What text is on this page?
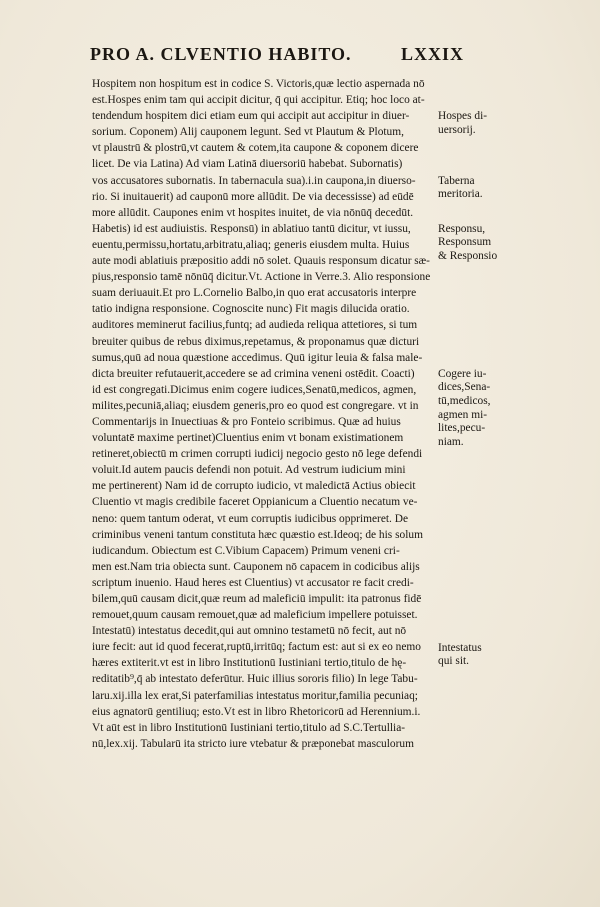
PRO A. CLVENTIO HABITO.	LXXIX
Hospitem non hospitum est in codice S. Victoris,quæ lectio aspernada nō
est.Hospes enim tam qui accipit dicitur, q̄ qui accipitur. Etiq; hoc loco at-
tendendum hospitem dici etiam eum qui accipit aut accipitur in diuer-
sorium. Coponem) Alij cauponem legunt. Sed vt Plautum & Plotum,
vt plaustrū & plostrū,vt cautem & cotem,ita caupone & coponem dicere
licet. De via Latina) Ad viam Latinā diuersoriū habebat. Subornatis)
vos accusatores subornatis. In tabernacula sua).i.in caupona,in diuerso-
rio. Si inuitauerit) ad cauponū more allūdit. De via decessisse) ad eūdē
more allūdit. Caupones enim vt hospites inuitet, de via nōnūq̄ decedūt.
Habetis) id est audiuistis. Responsū) in ablatiuo tantū dicitur, vt iussu,
euentu,permissu,hortatu,arbitratu,aliaq; generis eiusdem multa. Huius
aute modi ablatiuis præpositio addi nō solet. Quauis responsum dicatur sæ-
pius,responsio tamē nōnūq̄ dicitur.Vt. Actione in Verre.3. Alio responsione
suam deriuauit.Et pro L.Cornelio Balbo,in quo erat accusatoris interpre
tatio indigna responsione. Cognoscite nunc) Fit magis dilucida oratio.
auditores meminerut facilius,funtq; ad audieda reliqua attetiores, si tum
breuiter quibus de rebus diximus,repetamus, & proponamus quæ dicturi
sumus,quū ad noua quæstione accedimus. Quū igitur leuia & falsa male-
dicta breuiter refutauerit,accedere se ad crimina veneni ostēdit. Coacti)
id est congregati.Dicimus enim cogere iudices,Senatū,medicos, agmen,
milites,pecuniā,aliaq; eiusdem generis,pro eo quod est congregare. vt in
Commentarijs in Inuectiuas & pro Fonteio scribimus. Quæ ad huius
voluntatē maxime pertinet)Cluentius enim vt bonam existimationem
retineret,obiectū m crimen corrupti iudicij negocio gesto nō lege defendi
voluit.Id autem paucis defendi non potuit. Ad vestrum iudicium mini
me pertinerent) Nam id de corrupto iudicio, vt maledictā Actius obiecit
Cluentio vt magis credibile faceret Oppianicum a Cluentio necatum ve-
neno: quem tantum oderat, vt eum corruptis iudicibus opprimeret. De
criminibus veneni tantum constituta hæc quæstio est.Ideoq; de his solum
iudicandum. Obiectum est C.Vibium Capacem) Primum veneni cri-
men est.Nam tria obiecta sunt. Cauponem nō capacem in codicibus alijs
scriptum inuenio. Haud heres est Cluentius) vt accusator re facit credi-
bilem,quū causam dicit,quæ reum ad maleficiū impulit: ita patronus fidē
remouet,quum causam remouet,quæ ad maleficium impellere potuisset.
Intestatū) intestatus decedit,qui aut omnino testametū nō fecit, aut nō
iure fecit: aut id quod fecerat,ruptū,irritūq; factum est: aut si ex eo nemo
hæres extiterit.vt est in libro Institutionū Iustiniani tertio,titulo de hę-
reditatib⁹,q̄ ab intestato deferūtur. Huic illius sororis filio) In lege Tabu-
laru.xij.illa lex erat,Si paterfamilias intestatus moritur,familia pecuniaq;
eius agnatorū gentiliuq; esto.Vt est in libro Rhetoricorū ad Herennium.i.
Vt aūt est in libro Institutionū Iustiniani tertio,titulo ad S.C.Tertullia-
nū,lex.xij. Tabularū ita stricto iure vtebatur & præponebat masculorum
Hospes di-
uersorij.
Taberna
meritoria.
Responsu,
Responsum
& Responsio
Cogere iu-
dices,Sena-
tū,medicos,
agmen mi-
lites,pecu-
niam.
Intestatus
qui sit.
